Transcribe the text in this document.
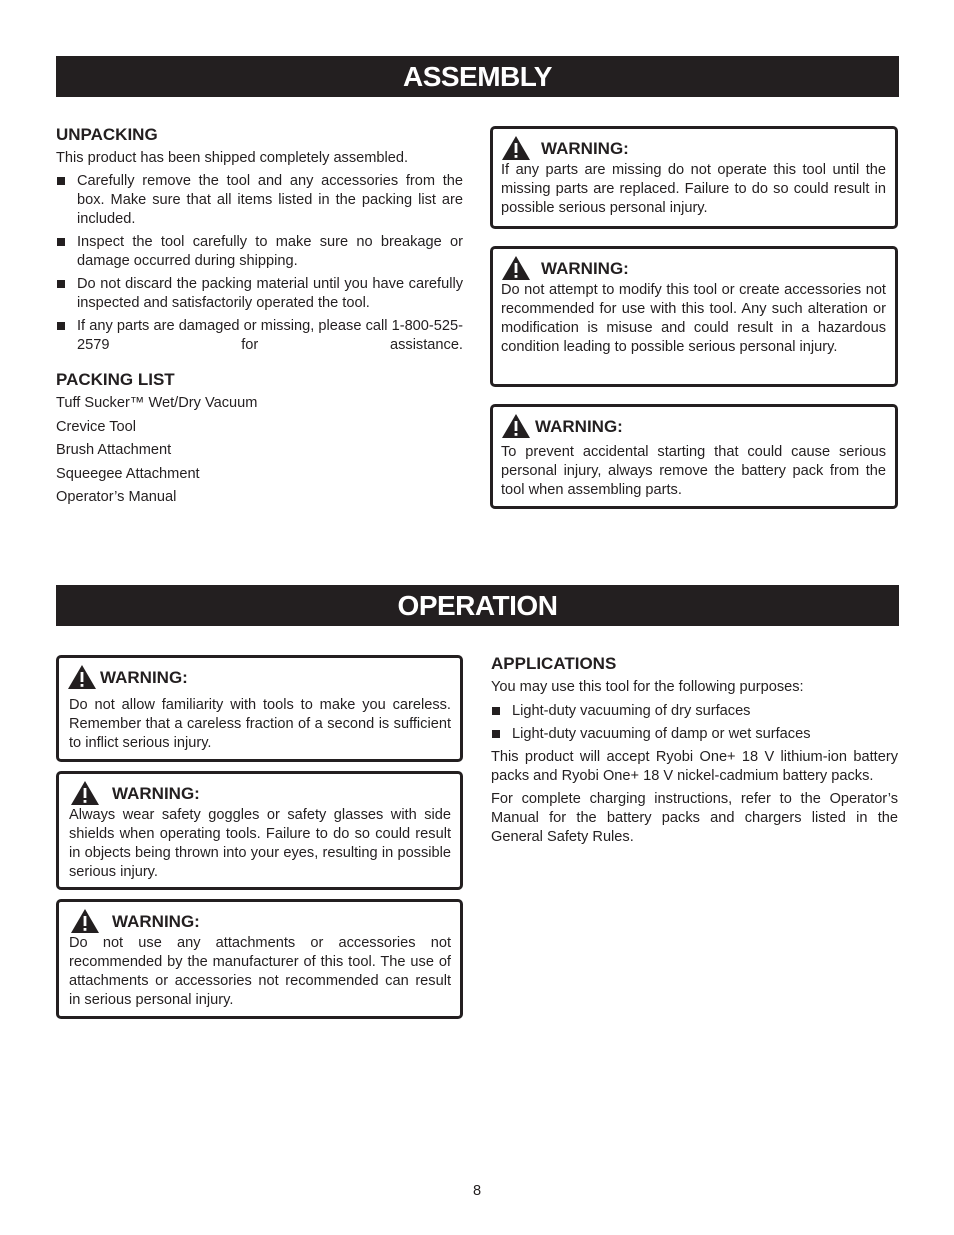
ASSEMBLY
UNPACKING
This product has been shipped completely assembled.
Carefully remove the tool and any accessories from the box. Make sure that all items listed in the packing list are included.
Inspect the tool carefully to make sure no breakage or damage occurred during shipping.
Do not discard the packing material until you have carefully inspected and satisfactorily operated the tool.
If any parts are damaged or missing, please call 1-800-525-2579 for assistance.
PACKING LIST
Tuff Sucker™ Wet/Dry Vacuum
Crevice Tool
Brush Attachment
Squeegee Attachment
Operator’s Manual
WARNING:
If any parts are missing do not operate this tool until the missing parts are replaced. Failure to do so could result in possible serious personal injury.
WARNING:
Do not attempt to modify this tool or create accessories not recommended for use with this tool. Any such alteration or modification is misuse and could result in a hazardous condition leading to possible serious personal injury.
WARNING:
To prevent accidental starting that could cause serious personal injury, always remove the battery pack from the tool when assembling parts.
OPERATION
WARNING:
Do not allow familiarity with tools to make you careless. Remember that a careless fraction of a second is sufficient to inflict serious injury.
WARNING:
Always wear safety goggles or safety glasses with side shields when operating tools. Failure to do so could result in objects being thrown into your eyes, resulting in possible serious injury.
WARNING:
Do not use any attachments or accessories not recommended by the manufacturer of this tool. The use of attachments or accessories not recommended can result in serious personal injury.
APPLICATIONS
You may use this tool for the following purposes:
Light-duty vacuuming of dry surfaces
Light-duty vacuuming of damp or wet surfaces
This product will accept Ryobi One+ 18 V lithium-ion battery packs and Ryobi One+ 18 V nickel-cadmium battery packs.
For complete charging instructions, refer to the Operator’s Manual for the battery packs and chargers listed in the General Safety Rules.
8
